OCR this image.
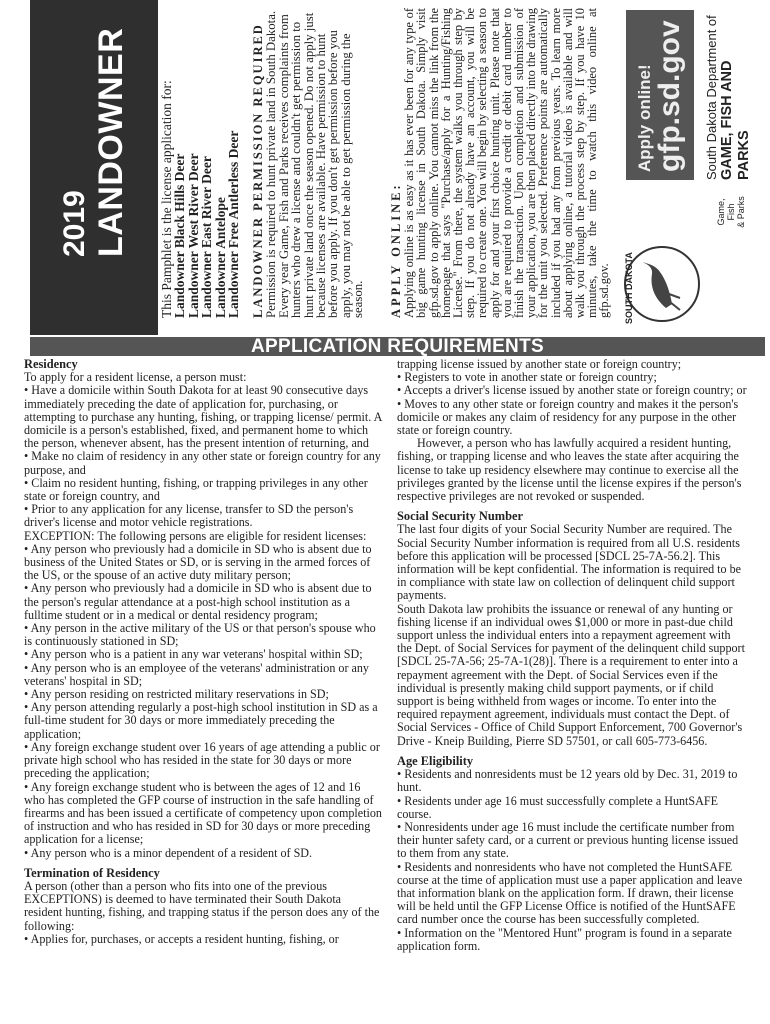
2019 LANDOWNER This Pamphlet is the license application for:

Landowner Black Hills Deer

Landowner West River Deer

Landowner East River Deer

Landowner Antelope

Landowner Free Antlerless Deer LANDOWNER PERMISSION REQUIRED Permission is required to hunt private land in South Dakota. Every year Game, Fish and Parks receives complaints from hunters who drew a license and couldn't get permission to hunt private land once the season opened. Do not apply just because licenses are available. Have permission to hunt before you apply. If you don't get permission before you apply, you may not be able to get permission during the season. APPLY ONLINE: Applying online is as easy as it has ever been for any type of big game hunting license in South Dakota. Simply visit gfp.sd.gov to apply online. You cannot miss the link from the homepage that says "Purchase/apply for a Hunting/Fishing License." From there, the system walks you through step by step. If you do not already have an account, you will be required to create one. You will begin by selecting a season to apply for and your first choice hunting unit. Please note that you are required to provide a credit or debit card number to finish the transaction. Upon completion and submission of your application, you are then placed directly into the drawing for the unit you selected. Preference points are automatically included if you had any from previous years. To learn more about applying online, a tutorial video is available and will walk you through the process step by step. If you have 10 minutes, take the time to watch this video online at gfp.sd.gov. SOUTH DAKOTA
Game, Fish & Parks
Apply online! gfp.sd.gov South Dakota Department of GAME, FISH AND PARKS
APPLICATION REQUIREMENTS
Residency

To apply for a resident license, a person must:

• Have a domicile within South Dakota for at least 90 consecutive days immediately preceding the date of application for, purchasing, or attempting to purchase any hunting, fishing, or trapping license/ permit. A domicile is a person's established, fixed, and permanent home to which the person, whenever absent, has the present intention of returning, and

• Make no claim of residency in any other state or foreign country for any purpose, and

• Claim no resident hunting, fishing, or trapping privileges in any other state or foreign country, and

• Prior to any application for any license, transfer to SD the person's driver's license and motor vehicle registrations.

EXCEPTION: The following persons are eligible for resident licenses:

• Any person who previously had a domicile in SD who is absent due to business of the United States or SD, or is serving in the armed forces of the US, or the spouse of an active duty military person;

• Any person who previously had a domicile in SD who is absent due to the person's regular attendance at a post-high school institution as a fulltime student or in a medical or dental residency program;

• Any person in the active military of the US or that person's spouse who is continuously stationed in SD;

• Any person who is a patient in any war veterans' hospital within SD;

• Any person who is an employee of the veterans' administration or any veterans' hospital in SD;

• Any person residing on restricted military reservations in SD;

• Any person attending regularly a post-high school institution in SD as a full-time student for 30 days or more immediately preceding the application;

• Any foreign exchange student over 16 years of age attending a public or private high school who has resided in the state for 30 days or more preceding the application;

• Any foreign exchange student who is between the ages of 12 and 16 who has completed the GFP course of instruction in the safe handling of firearms and has been issued a certificate of competency upon completion of instruction and who has resided in SD for 30 days or more preceding application for a license;

• Any person who is a minor dependent of a resident of SD.

Termination of Residency

A person (other than a person who fits into one of the previous EXCEPTIONS) is deemed to have terminated their South Dakota resident hunting, fishing, and trapping status if the person does any of the following:

• Applies for, purchases, or accepts a resident hunting, fishing, or

trapping license issued by another state or foreign country;

• Registers to vote in another state or foreign country;

• Accepts a driver's license issued by another state or foreign country; or

• Moves to any other state or foreign country and makes it the person's domicile or makes any claim of residency for any purpose in the other state or foreign country.

However, a person who has lawfully acquired a resident hunting, fishing, or trapping license and who leaves the state after acquiring the license to take up residency elsewhere may continue to exercise all the privileges granted by the license until the license expires if the person's respective privileges are not revoked or suspended.

Social Security Number

The last four digits of your Social Security Number are required. The Social Security Number information is required from all U.S. residents before this application will be processed [SDCL 25-7A-56.2]. This information will be kept confidential. The information is required to be in compliance with state law on collection of delinquent child support payments.

South Dakota law prohibits the issuance or renewal of any hunting or fishing license if an individual owes $1,000 or more in past-due child support unless the individual enters into a repayment agreement with the Dept. of Social Services for payment of the delinquent child support [SDCL 25-7A-56; 25-7A-1(28)]. There is a requirement to enter into a repayment agreement with the Dept. of Social Services even if the individual is presently making child support payments, or if child support is being withheld from wages or income. To enter into the required repayment agreement, individuals must contact the Dept. of Social Services - Office of Child Support Enforcement, 700 Governor's Drive - Kneip Building, Pierre SD 57501, or call 605-773-6456.

Age Eligibility

• Residents and nonresidents must be 12 years old by Dec. 31, 2019 to hunt.

• Residents under age 16 must successfully complete a HuntSAFE course.

• Nonresidents under age 16 must include the certificate number from their hunter safety card, or a current or previous hunting license issued to them from any state.

• Residents and nonresidents who have not completed the HuntSAFE course at the time of application must use a paper application and leave that information blank on the application form. If drawn, their license will be held until the GFP License Office is notified of the HuntSAFE card number once the course has been successfully completed.

• Information on the "Mentored Hunt" program is found in a separate application form.
